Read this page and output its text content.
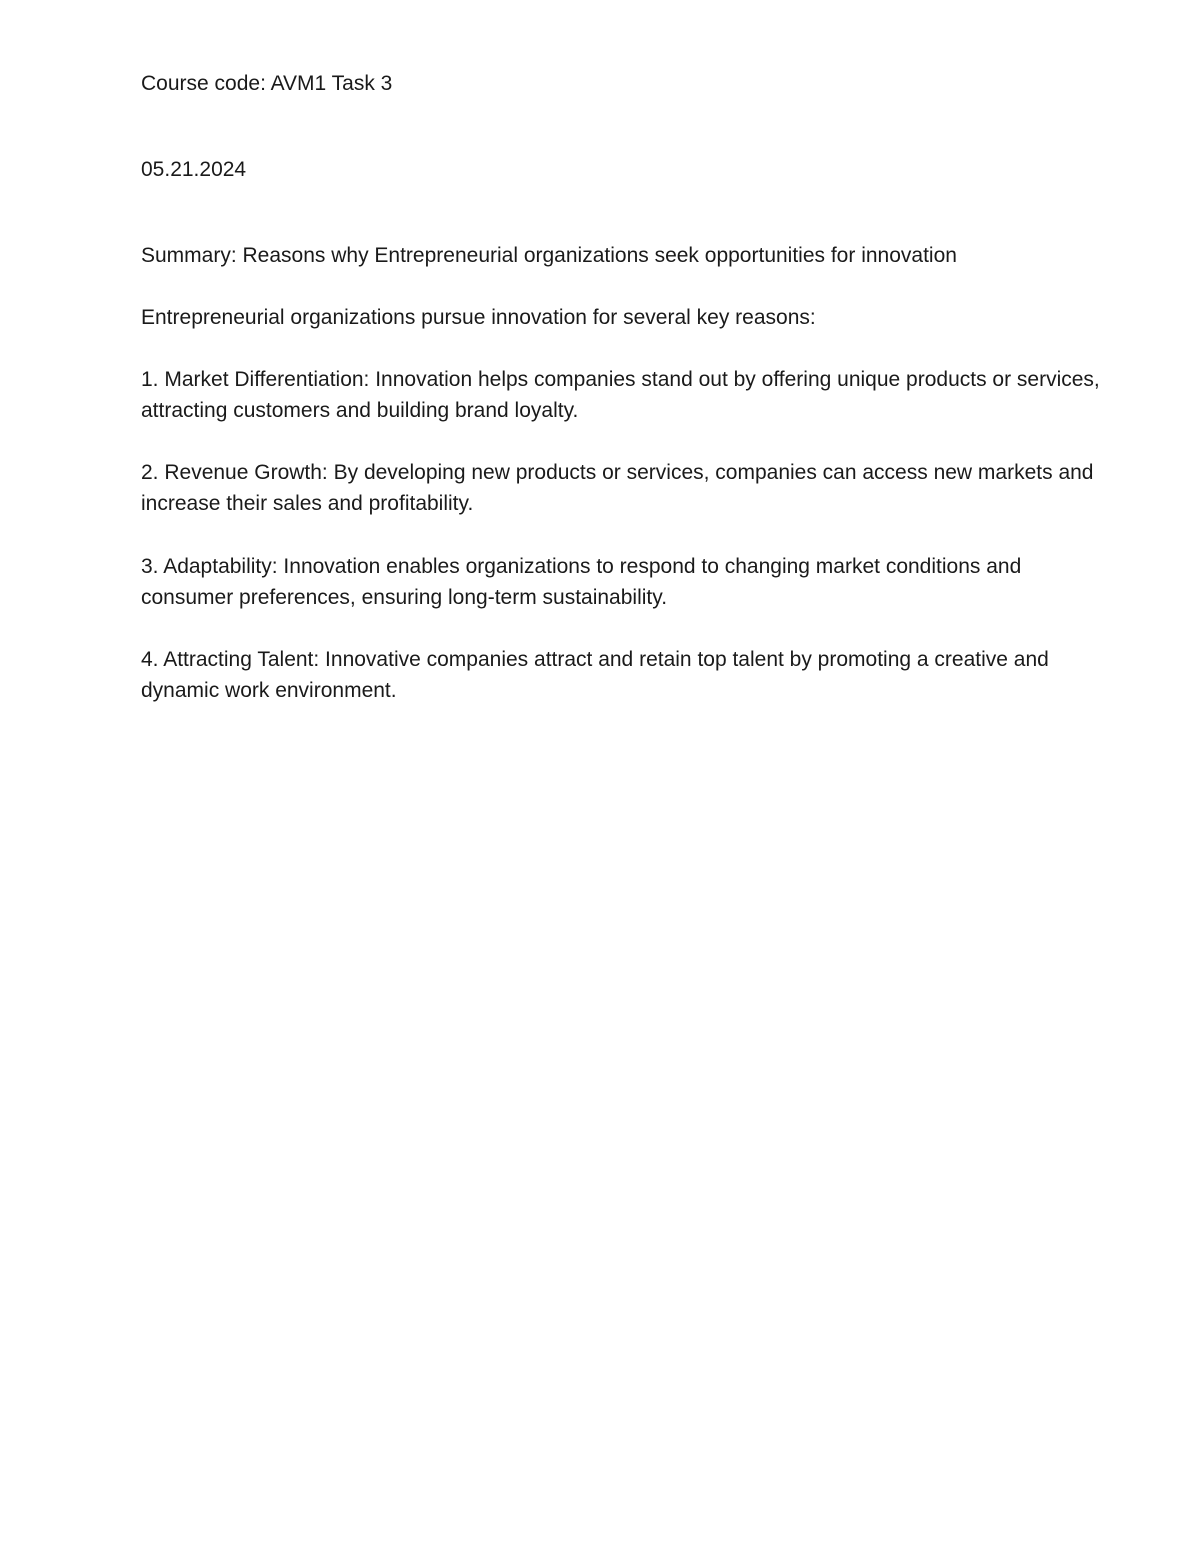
Course code: AVM1 Task 3

05.21.2024

Summary: Reasons why Entrepreneurial organizations seek opportunities for innovation

Entrepreneurial organizations pursue innovation for several key reasons:

1. Market Differentiation: Innovation helps companies stand out by offering unique products or services, attracting customers and building brand loyalty.

2. Revenue Growth: By developing new products or services, companies can access new markets and increase their sales and profitability.

3. Adaptability: Innovation enables organizations to respond to changing market conditions and consumer preferences, ensuring long-term sustainability.

4. Attracting Talent: Innovative companies attract and retain top talent by promoting a creative and dynamic work environment.
